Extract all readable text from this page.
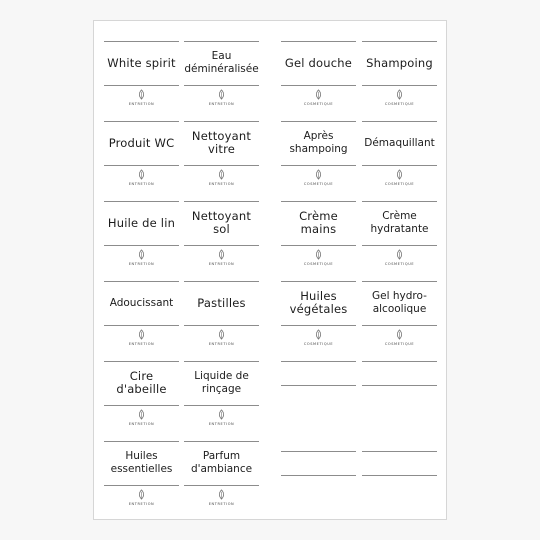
White spirit
ENTRETION
Produit WC
ENTRETION
Huile de lin
ENTRETION
Adoucissant
ENTRETION
Cire d'abeille
ENTRETION
Huiles essentielles
ENTRETION
Eau déminéralisée
ENTRETION
Nettoyant vitre
ENTRETION
Nettoyant sol
ENTRETION
Pastilles
ENTRETION
Liquide de rinçage
ENTRETION
Parfum d'ambiance
ENTRETION
Gel douche
COSMETIQUE
Après shampoing
COSMETIQUE
Crème mains
COSMETIQUE
Huiles végétales
COSMETIQUE
Shampoing
COSMETIQUE
Démaquillant
COSMETIQUE
Crème hydratante
COSMETIQUE
Gel hydro-alcoolique
COSMETIQUE
